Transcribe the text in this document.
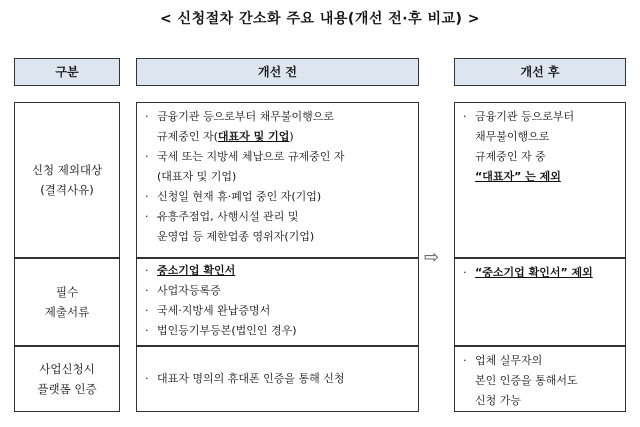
< 신청절차 간소화 주요 내용(개선 전·후 비교) >
구분	개선 전	개선 후
신청 제외대상
(결격사유)
· 금융기관 등으로부터 채무불이행으로
규제중인 자(대표자 및 기업)
· 국세 또는 지방세 체납으로 규제중인 자
(대표자 및 기업)
· 신청일 현재 휴·폐업 중인 자(기업)
· 유흥주점업, 사행시설 관리 및
운영업 등 제한업종 영위자(기업)
필수
제출서류
· 중소기업 확인서
· 사업자등록증
· 국세·지방세 완납증명서
· 법인등기부등본(법인인 경우)
사업신청시
플랫폼 인증
· 대표자 명의의 휴대폰 인증을 통해 신청
⇨
· 금융기관 등으로부터
채무불이행으로
규제중인 자 중
“대표자” 는 제외
· “중소기업 확인서” 제외
· 업체 실무자의
본인 인증을 통해서도
신청 가능
